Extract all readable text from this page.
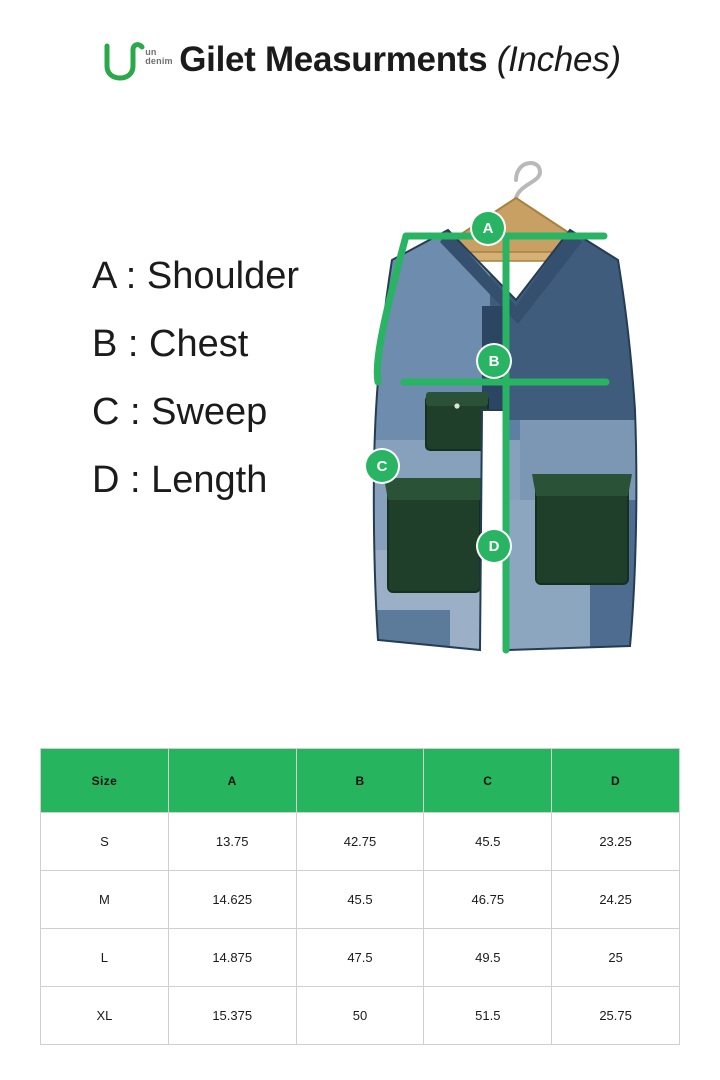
un
denim Gilet Measurments (Inches)
A : Shoulder
B : Chest
C : Sweep
D : Length
A
B
C
D
Size	A	B	C	D
S	13.75	42.75	45.5	23.25
M	14.625	45.5	46.75	24.25
L	14.875	47.5	49.5	25
XL	15.375	50	51.5	25.75
